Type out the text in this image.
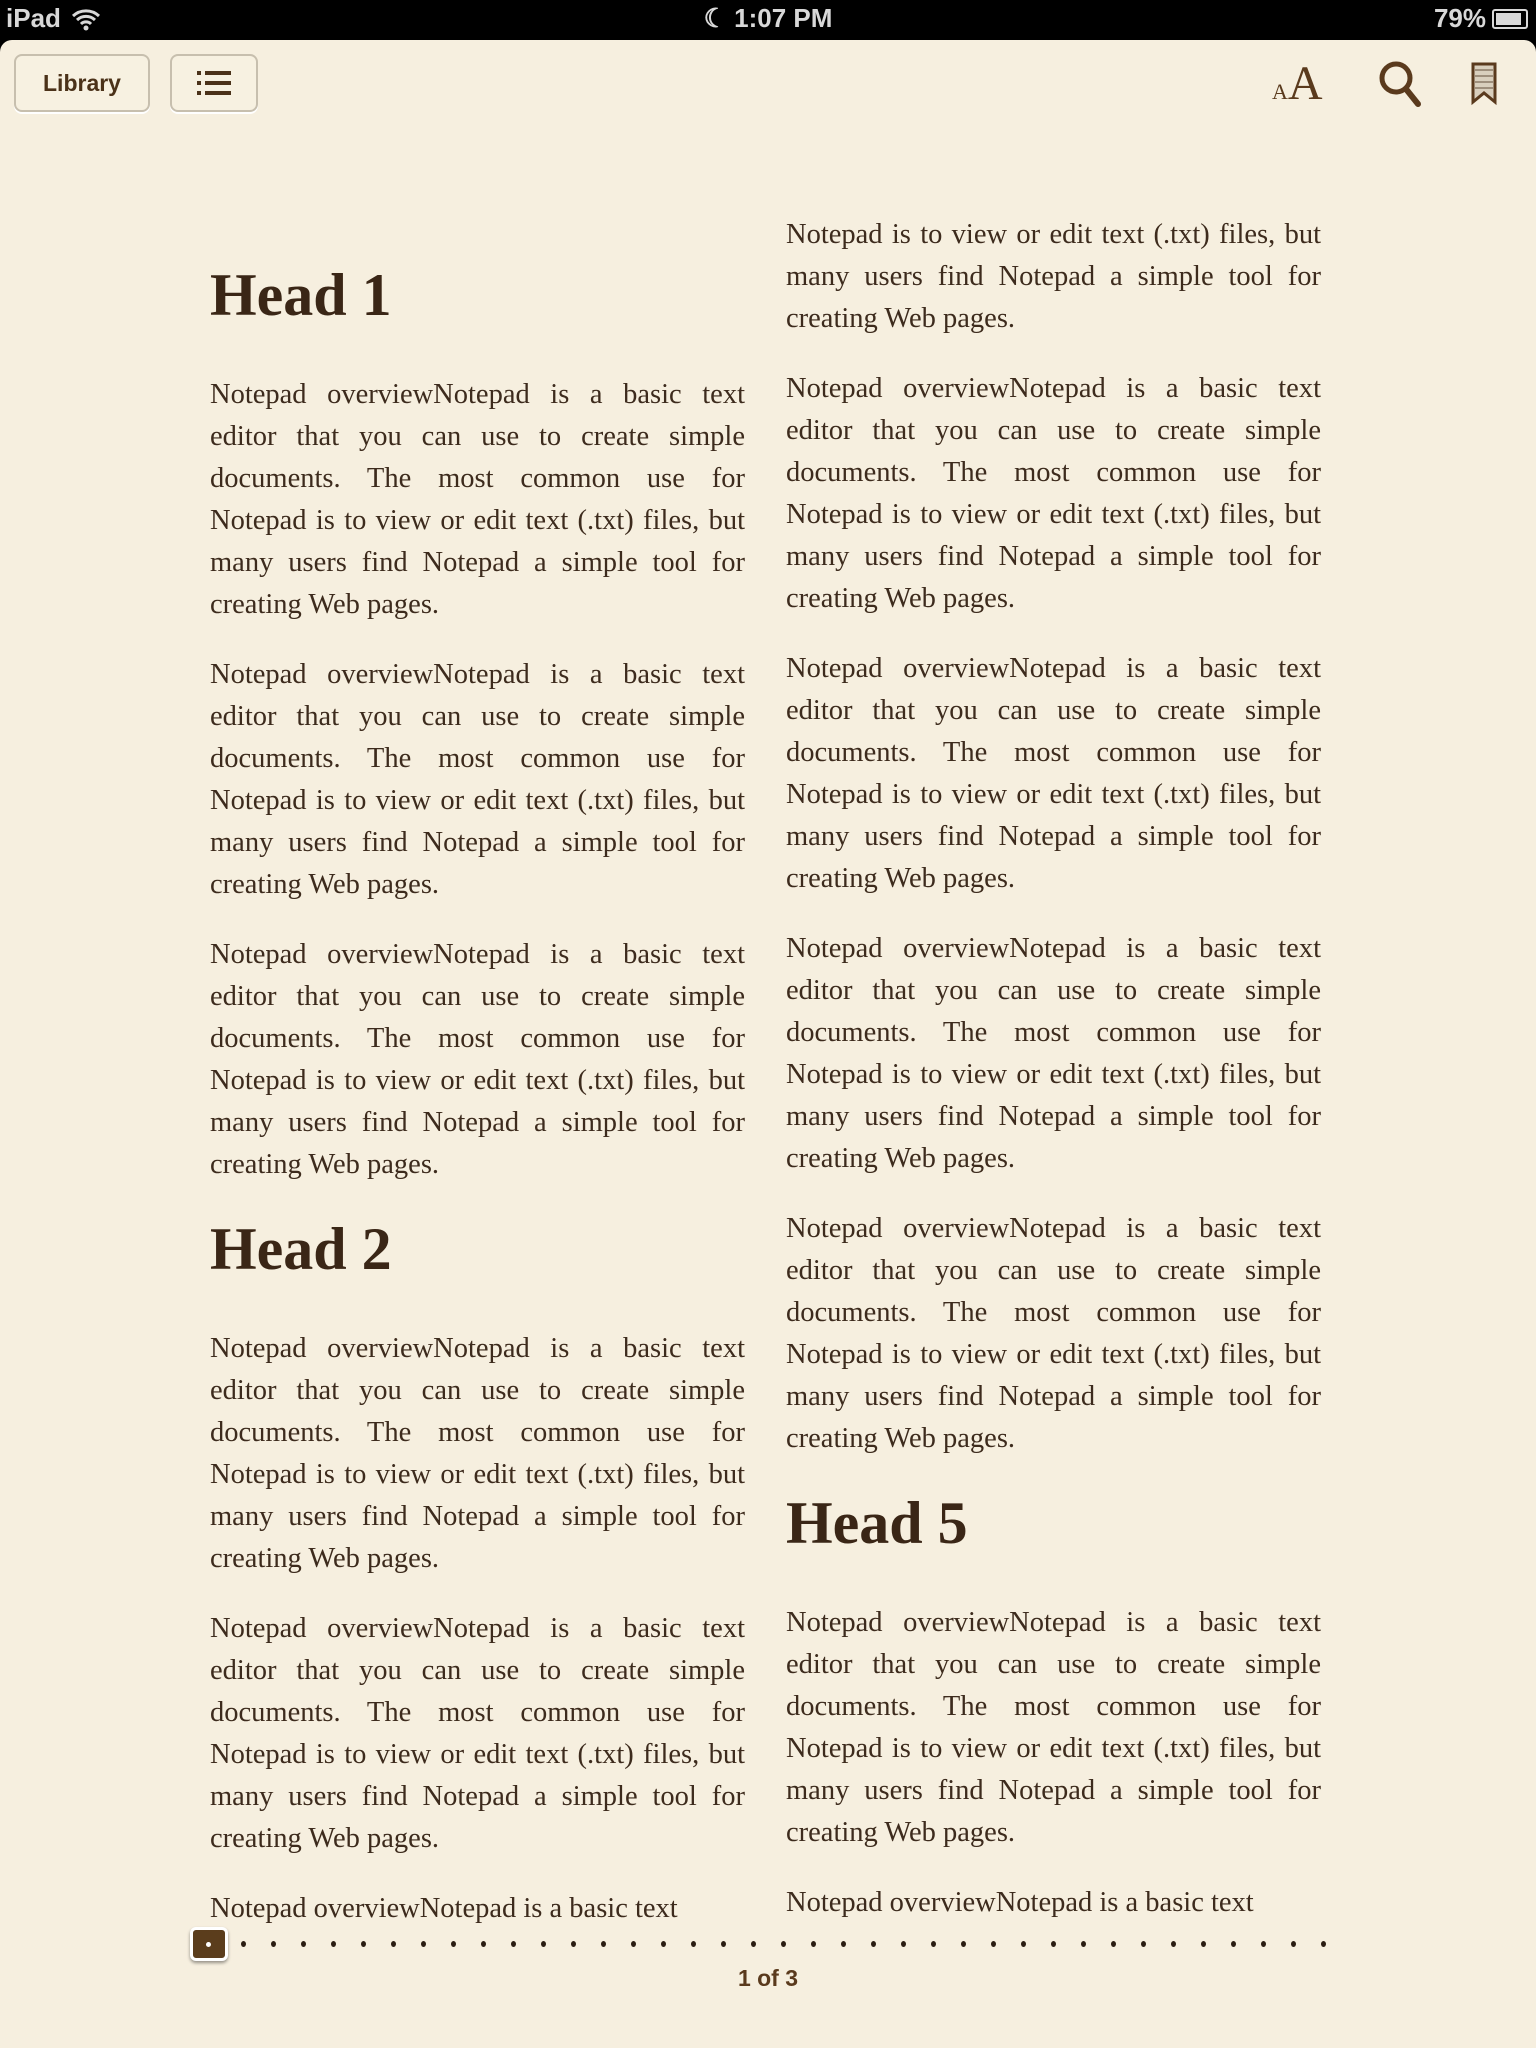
iPad	☾ 1:07 PM	79%
Library	AA
Head 1

Notepad overviewNotepad is a basic text editor that you can use to create simple documents. The most common use for Notepad is to view or edit text (.txt) files, but many users find Notepad a simple tool for creating Web pages.

Notepad overviewNotepad is a basic text editor that you can use to create simple documents. The most common use for Notepad is to view or edit text (.txt) files, but many users find Notepad a simple tool for creating Web pages.

Notepad overviewNotepad is a basic text editor that you can use to create simple documents. The most common use for Notepad is to view or edit text (.txt) files, but many users find Notepad a simple tool for creating Web pages.

Head 2

Notepad overviewNotepad is a basic text editor that you can use to create simple documents. The most common use for Notepad is to view or edit text (.txt) files, but many users find Notepad a simple tool for creating Web pages.

Notepad overviewNotepad is a basic text editor that you can use to create simple documents. The most common use for Notepad is to view or edit text (.txt) files, but many users find Notepad a simple tool for creating Web pages.

Notepad overviewNotepad is a basic text

Notepad is to view or edit text (.txt) files, but many users find Notepad a simple tool for creating Web pages.

Notepad overviewNotepad is a basic text editor that you can use to create simple documents. The most common use for Notepad is to view or edit text (.txt) files, but many users find Notepad a simple tool for creating Web pages.

Notepad overviewNotepad is a basic text editor that you can use to create simple documents. The most common use for Notepad is to view or edit text (.txt) files, but many users find Notepad a simple tool for creating Web pages.

Notepad overviewNotepad is a basic text editor that you can use to create simple documents. The most common use for Notepad is to view or edit text (.txt) files, but many users find Notepad a simple tool for creating Web pages.

Notepad overviewNotepad is a basic text editor that you can use to create simple documents. The most common use for Notepad is to view or edit text (.txt) files, but many users find Notepad a simple tool for creating Web pages.

Head 5

Notepad overviewNotepad is a basic text editor that you can use to create simple documents. The most common use for Notepad is to view or edit text (.txt) files, but many users find Notepad a simple tool for creating Web pages.

Notepad overviewNotepad is a basic text

1 of 3
